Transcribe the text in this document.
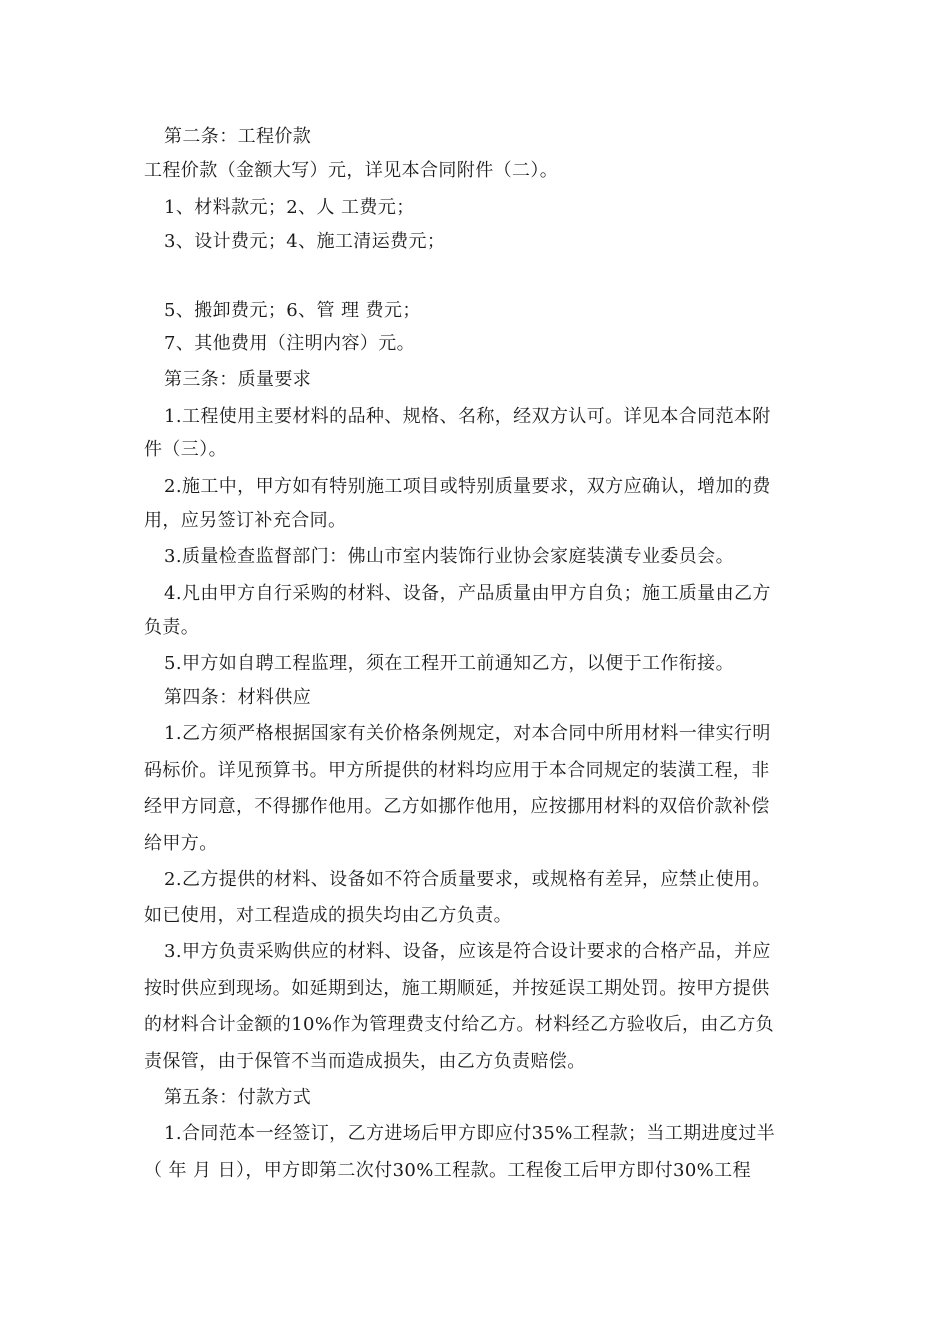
第二条：工程价款
工程价款（金额大写）元，详见本合同附件（二）。
1、材料款元；2、人 工费元；
3、设计费元；4、施工清运费元；
5、搬卸费元；6、管 理 费元；
7、其他费用（注明内容）元。
第三条：质量要求
1.工程使用主要材料的品种、规格、名称，经双方认可。详见本合同范本附
件（三）。
2.施工中，甲方如有特别施工项目或特别质量要求，双方应确认，增加的费
用，应另签订补充合同。
3.质量检查监督部门：佛山市室内装饰行业协会家庭装潢专业委员会。
4.凡由甲方自行采购的材料、设备，产品质量由甲方自负；施工质量由乙方
负责。
5.甲方如自聘工程监理，须在工程开工前通知乙方，以便于工作衔接。
第四条：材料供应
1.乙方须严格根据国家有关价格条例规定，对本合同中所用材料一律实行明
码标价。详见预算书。甲方所提供的材料均应用于本合同规定的装潢工程，非
经甲方同意，不得挪作他用。乙方如挪作他用，应按挪用材料的双倍价款补偿
给甲方。
2.乙方提供的材料、设备如不符合质量要求，或规格有差异，应禁止使用。
如已使用，对工程造成的损失均由乙方负责。
3.甲方负责采购供应的材料、设备，应该是符合设计要求的合格产品，并应
按时供应到现场。如延期到达，施工期顺延，并按延误工期处罚。按甲方提供
的材料合计金额的10%作为管理费支付给乙方。材料经乙方验收后，由乙方负
责保管，由于保管不当而造成损失，由乙方负责赔偿。
第五条：付款方式
1.合同范本一经签订，乙方进场后甲方即应付35%工程款；当工期进度过半
（ 年 月 日），甲方即第二次付30%工程款。工程俊工后甲方即付30%工程
